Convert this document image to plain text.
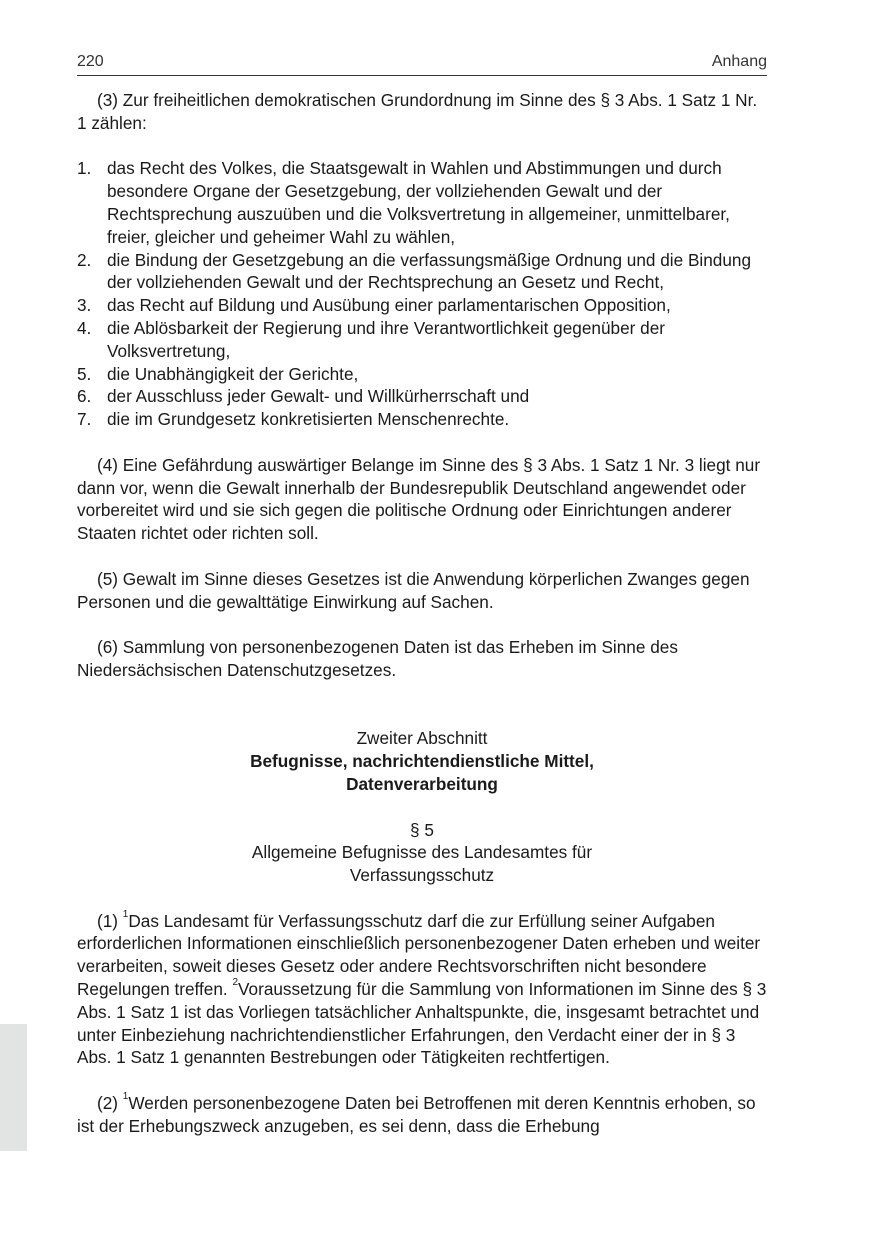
220	Anhang

(3) Zur freiheitlichen demokratischen Grundordnung im Sinne des § 3 Abs. 1 Satz 1 Nr. 1 zählen:

1. das Recht des Volkes, die Staatsgewalt in Wahlen und Abstimmungen und durch besondere Organe der Gesetzgebung, der vollziehenden Gewalt und der Rechtsprechung auszuüben und die Volksvertretung in allgemeiner, unmittelbarer, freier, gleicher und geheimer Wahl zu wählen,
2. die Bindung der Gesetzgebung an die verfassungsmäßige Ordnung und die Bindung der vollziehenden Gewalt und der Rechtsprechung an Gesetz und Recht,
3. das Recht auf Bildung und Ausübung einer parlamentarischen Opposition,
4. die Ablösbarkeit der Regierung und ihre Verantwortlichkeit gegenüber der Volksvertretung,
5. die Unabhängigkeit der Gerichte,
6. der Ausschluss jeder Gewalt- und Willkürherrschaft und
7. die im Grundgesetz konkretisierten Menschenrechte.

(4) Eine Gefährdung auswärtiger Belange im Sinne des § 3 Abs. 1 Satz 1 Nr. 3 liegt nur dann vor, wenn die Gewalt innerhalb der Bundesrepublik Deutschland angewendet oder vorbereitet wird und sie sich gegen die politische Ordnung oder Einrichtungen anderer Staaten richtet oder richten soll.

(5) Gewalt im Sinne dieses Gesetzes ist die Anwendung körperlichen Zwanges gegen Personen und die gewalttätige Einwirkung auf Sachen.

(6) Sammlung von personenbezogenen Daten ist das Erheben im Sinne des Niedersächsischen Datenschutzgesetzes.

Zweiter Abschnitt

Befugnisse, nachrichtendienstliche Mittel,

Datenverarbeitung

§ 5

Allgemeine Befugnisse des Landesamtes für

Verfassungsschutz

(1) $^1$Das Landesamt für Verfassungsschutz darf die zur Erfüllung seiner Aufgaben erforderlichen Informationen einschließlich personenbezogener Daten erheben und weiter verarbeiten, soweit dieses Gesetz oder andere Rechtsvorschriften nicht besondere Regelungen treffen. $^2$Voraussetzung für die Sammlung von Informationen im Sinne des § 3 Abs. 1 Satz 1 ist das Vorliegen tatsächlicher Anhaltspunkte, die, insgesamt betrachtet und unter Einbeziehung nachrichtendienstlicher Erfahrungen, den Verdacht einer der in § 3 Abs. 1 Satz 1 genannten Bestrebungen oder Tätigkeiten rechtfertigen.

(2) $^1$Werden personenbezogene Daten bei Betroffenen mit deren Kenntnis erhoben, so ist der Erhebungszweck anzugeben, es sei denn, dass die Erhebung
